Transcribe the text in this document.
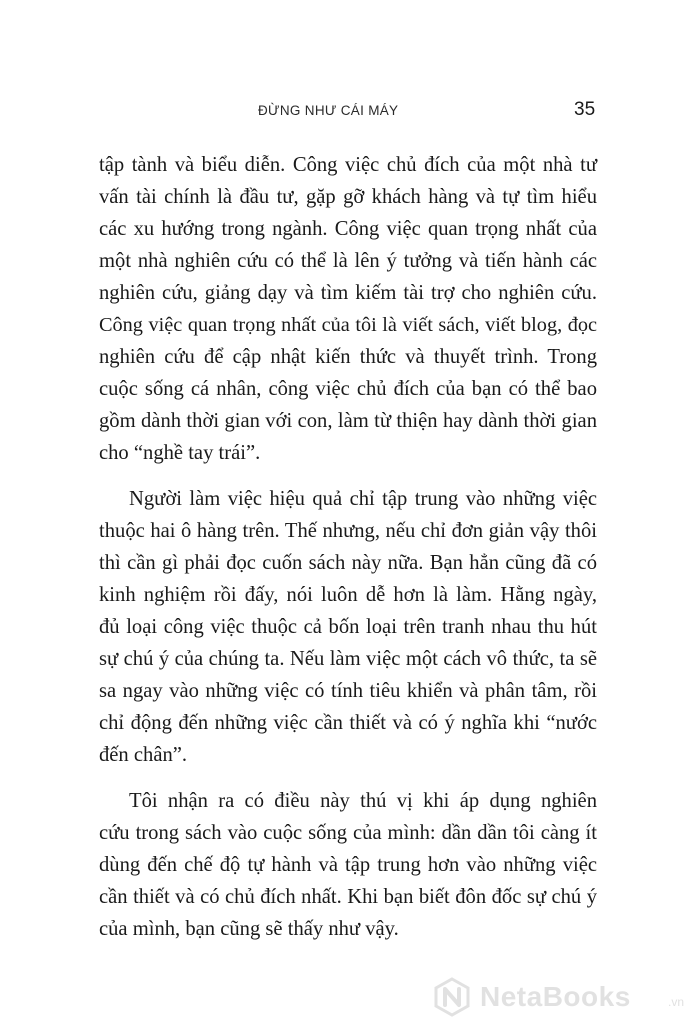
ĐỪNG NHƯ CÁI MÁY	35

tập tành và biểu diễn. Công việc chủ đích của một nhà tư
vấn tài chính là đầu tư, gặp gỡ khách hàng và tự tìm hiểu
các xu hướng trong ngành. Công việc quan trọng nhất của
một nhà nghiên cứu có thể là lên ý tưởng và tiến hành các
nghiên cứu, giảng dạy và tìm kiếm tài trợ cho nghiên cứu.
Công việc quan trọng nhất của tôi là viết sách, viết blog, đọc
nghiên cứu để cập nhật kiến thức và thuyết trình. Trong
cuộc sống cá nhân, công việc chủ đích của bạn có thể bao
gồm dành thời gian với con, làm từ thiện hay dành thời gian
cho “nghề tay trái”.

Người làm việc hiệu quả chỉ tập trung vào những việc
thuộc hai ô hàng trên. Thế nhưng, nếu chỉ đơn giản vậy thôi
thì cần gì phải đọc cuốn sách này nữa. Bạn hẳn cũng đã có
kinh nghiệm rồi đấy, nói luôn dễ hơn là làm. Hằng ngày,
đủ loại công việc thuộc cả bốn loại trên tranh nhau thu hút
sự chú ý của chúng ta. Nếu làm việc một cách vô thức, ta sẽ
sa ngay vào những việc có tính tiêu khiển và phân tâm, rồi
chỉ động đến những việc cần thiết và có ý nghĩa khi “nước
đến chân”.

Tôi nhận ra có điều này thú vị khi áp dụng nghiên
cứu trong sách vào cuộc sống của mình: dần dần tôi càng ít
dùng đến chế độ tự hành và tập trung hơn vào những việc
cần thiết và có chủ đích nhất. Khi bạn biết đôn đốc sự chú ý
của mình, bạn cũng sẽ thấy như vậy.

NetaBooks	.vn
